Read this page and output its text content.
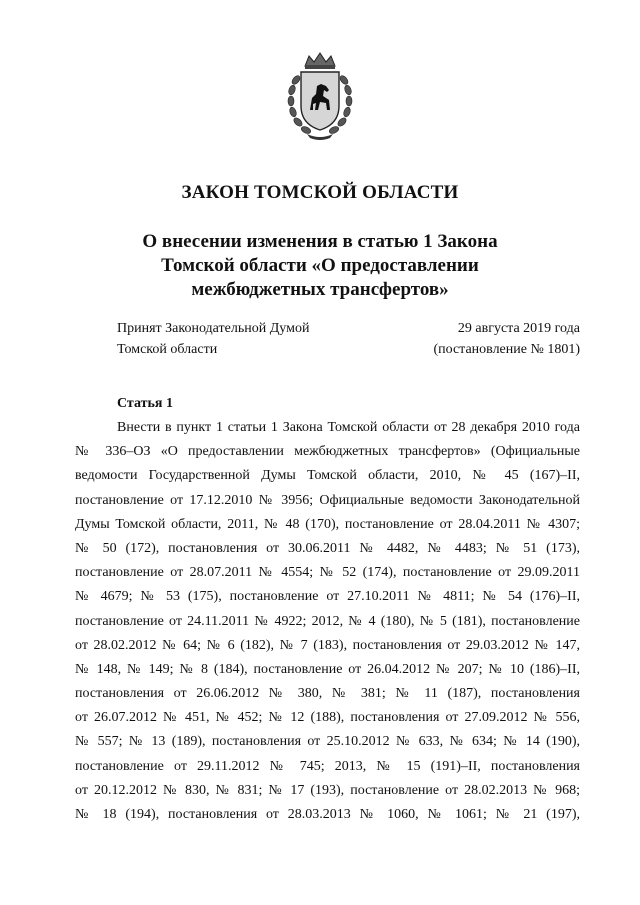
ЗАКОН ТОМСКОЙ ОБЛАСТИ
О внесении изменения в статью 1 Закона
Томской области «О предоставлении
межбюджетных трансфертов»
Принят Законодательной Думой
Томской области
29 августа 2019 года
(постановление № 1801)
Статья 1
Внести в пункт 1 статьи 1 Закона Томской области от 28 декабря 2010 года
№ 336–ОЗ «О предоставлении межбюджетных трансфертов» (Официальные
ведомости Государственной Думы Томской области, 2010, № 45 (167)–II,
постановление от 17.12.2010 № 3956; Официальные ведомости Законодательной
Думы Томской области, 2011, № 48 (170), постановление от 28.04.2011 № 4307;
№ 50 (172), постановления от 30.06.2011 № 4482, № 4483; № 51 (173),
постановление от 28.07.2011 № 4554; № 52 (174), постановление от 29.09.2011
№ 4679; № 53 (175), постановление от 27.10.2011 № 4811; № 54 (176)–II,
постановление от 24.11.2011 № 4922; 2012, № 4 (180), № 5 (181), постановление
от 28.02.2012 № 64; № 6 (182), № 7 (183), постановления от 29.03.2012 № 147,
№ 148, № 149; № 8 (184), постановление от 26.04.2012 № 207; № 10 (186)–II,
постановления от 26.06.2012 № 380, № 381; № 11 (187), постановления
от 26.07.2012 № 451, № 452; № 12 (188), постановления от 27.09.2012 № 556,
№ 557; № 13 (189), постановления от 25.10.2012 № 633, № 634; № 14 (190),
постановление от 29.11.2012 № 745; 2013, № 15 (191)–II, постановления
от 20.12.2012 № 830, № 831; № 17 (193), постановление от 28.02.2013 № 968;
№ 18 (194), постановления от 28.03.2013 № 1060, № 1061; № 21 (197),
